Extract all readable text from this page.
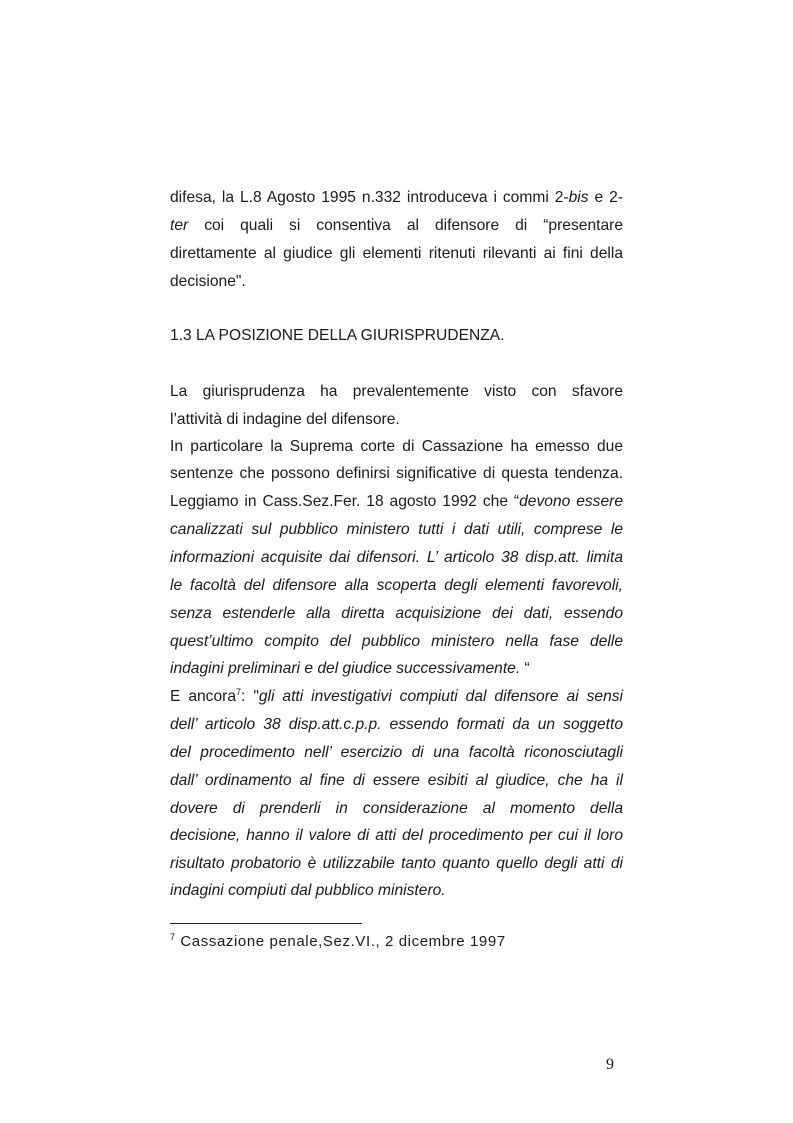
difesa, la L.8 Agosto 1995 n.332 introduceva i commi 2-bis e 2-
ter coi quali si consentiva al difensore di “presentare
direttamente al giudice gli elementi ritenuti rilevanti ai fini della
decisione".
1.3 LA POSIZIONE DELLA GIURISPRUDENZA.
La giurisprudenza ha prevalentemente visto con sfavore
l’attività di indagine del difensore.
In particolare la Suprema corte di Cassazione ha emesso due
sentenze che possono definirsi significative di questa tendenza.
Leggiamo in Cass.Sez.Fer. 18 agosto 1992 che “devono essere
canalizzati sul pubblico ministero tutti i dati utili, comprese le
informazioni acquisite dai difensori. L’ articolo 38 disp.att. limita
le facoltà del difensore alla scoperta degli elementi favorevoli,
senza estenderle alla diretta acquisizione dei dati, essendo
quest’ultimo compito del pubblico ministero nella fase delle
indagini preliminari e del giudice successivamente. “
E ancora$^7$: "gli atti investigativi compiuti dal difensore ai sensi
dell’ articolo 38 disp.att.c.p.p. essendo formati da un soggetto
del procedimento nell’ esercizio di una facoltà riconosciutagli
dall’ ordinamento al fine di essere esibiti al giudice, che ha il
dovere di prenderli in considerazione al momento della
decisione, hanno il valore di atti del procedimento per cui il loro
risultato probatorio è utilizzabile tanto quanto quello degli atti di
indagini compiuti dal pubblico ministero.
$^7$ Cassazione penale,Sez.VI., 2 dicembre 1997
9
